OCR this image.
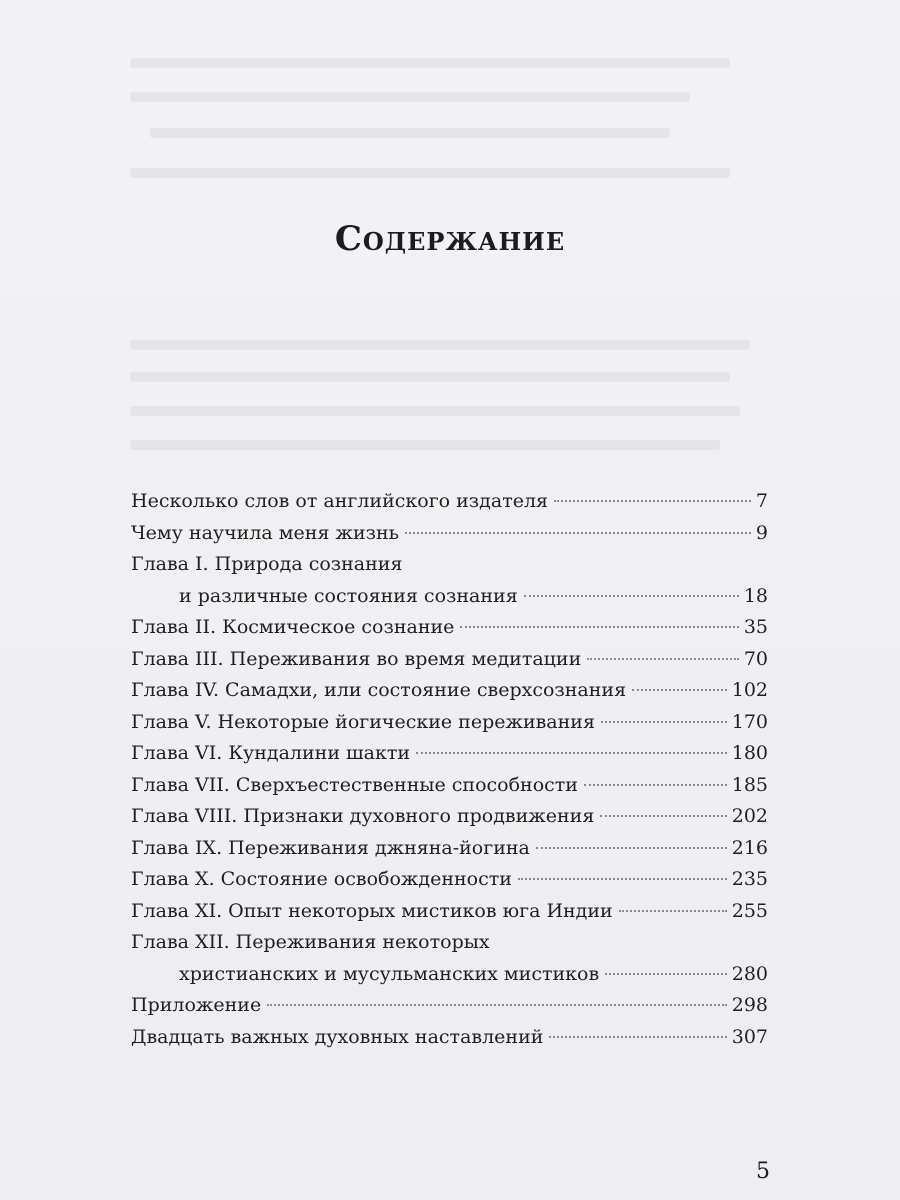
Содержание
Несколько слов от английского издателя	7
Чему научила меня жизнь	9
Глава I. Природа сознания
и различные состояния сознания	18
Глава II. Космическое сознание	35
Глава III. Переживания во время медитации	70
Глава IV. Самадхи, или состояние сверхсознания	102
Глава V. Некоторые йогические переживания	170
Глава VI. Кундалини шакти	180
Глава VII. Сверхъестественные способности	185
Глава VIII. Признаки духовного продвижения	202
Глава IX. Переживания джняна-йогина	216
Глава X. Состояние освобожденности	235
Глава XI. Опыт некоторых мистиков юга Индии	255
Глава XII. Переживания некоторых
христианских и мусульманских мистиков	280
Приложение	298
Двадцать важных духовных наставлений	307
5
